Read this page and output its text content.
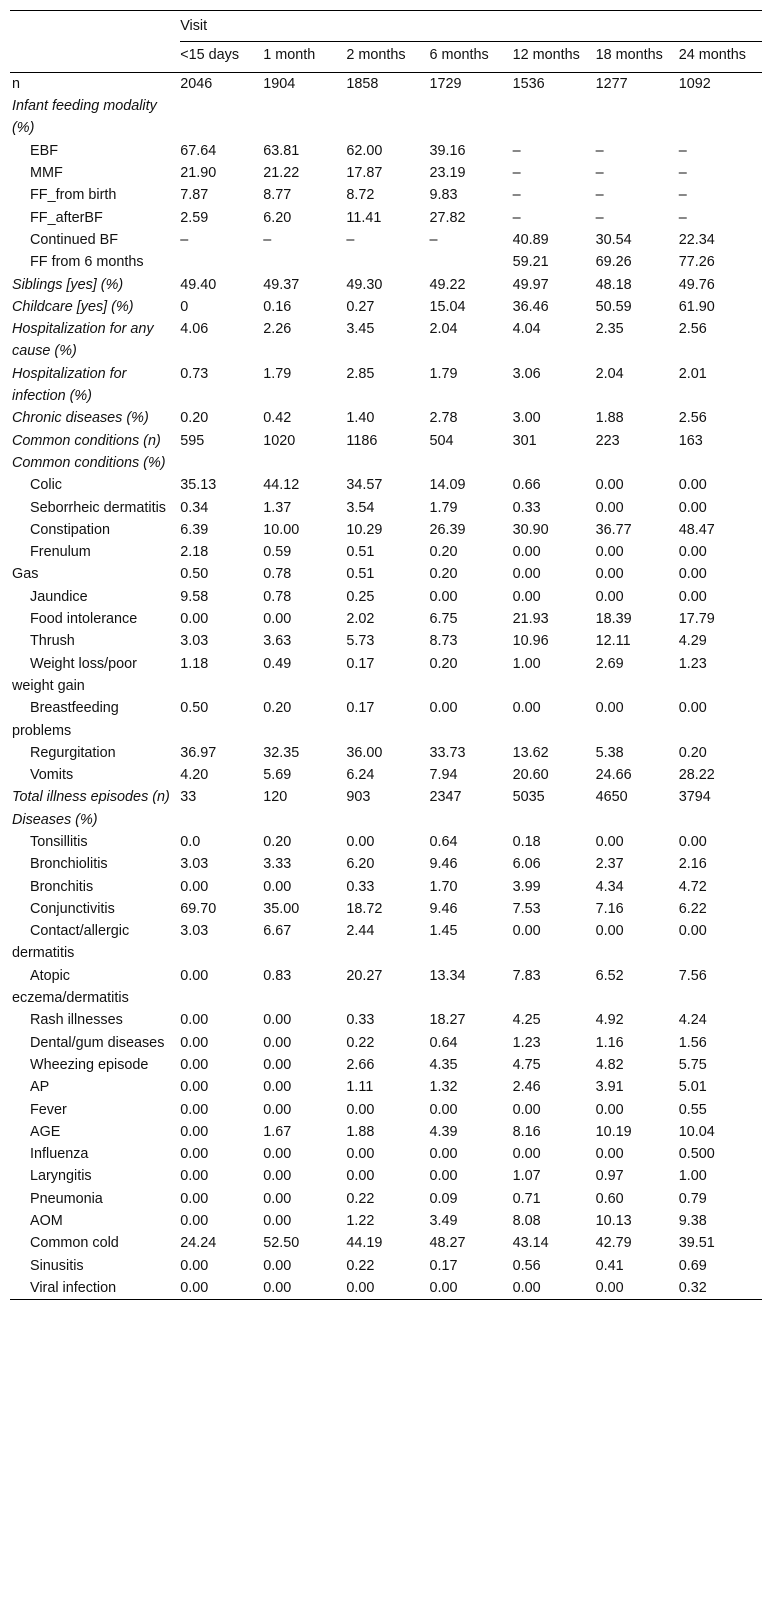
	Visit						
	<15 days	1 month	2 months	6 months	12 months	18 months	24 months
n	2046	1904	1858	1729	1536	1277	1092
Infant feeding modality (%)							
EBF	67.64	63.81	62.00	39.16	–	–	–
MMF	21.90	21.22	17.87	23.19	–	–	–
FF_from birth	7.87	8.77	8.72	9.83	–	–	–
FF_afterBF	2.59	6.20	11.41	27.82	–	–	–
Continued BF	–	–	–	–	40.89	30.54	22.34
FF from 6 months					59.21	69.26	77.26
Siblings [yes] (%)	49.40	49.37	49.30	49.22	49.97	48.18	49.76
Childcare [yes] (%)	0	0.16	0.27	15.04	36.46	50.59	61.90
Hospitalization for any cause (%)	4.06	2.26	3.45	2.04	4.04	2.35	2.56
Hospitalization for infection (%)	0.73	1.79	2.85	1.79	3.06	2.04	2.01
Chronic diseases (%)	0.20	0.42	1.40	2.78	3.00	1.88	2.56
Common conditions (n)	595	1020	1186	504	301	223	163
Common conditions (%)							
Colic	35.13	44.12	34.57	14.09	0.66	0.00	0.00
Seborrheic dermatitis	0.34	1.37	3.54	1.79	0.33	0.00	0.00
Constipation	6.39	10.00	10.29	26.39	30.90	36.77	48.47
Frenulum	2.18	0.59	0.51	0.20	0.00	0.00	0.00
Gas	0.50	0.78	0.51	0.20	0.00	0.00	0.00
Jaundice	9.58	0.78	0.25	0.00	0.00	0.00	0.00
Food intolerance	0.00	0.00	2.02	6.75	21.93	18.39	17.79
Thrush	3.03	3.63	5.73	8.73	10.96	12.11	4.29
Weight loss/poor weight gain	1.18	0.49	0.17	0.20	1.00	2.69	1.23
Breastfeeding problems	0.50	0.20	0.17	0.00	0.00	0.00	0.00
Regurgitation	36.97	32.35	36.00	33.73	13.62	5.38	0.20
Vomits	4.20	5.69	6.24	7.94	20.60	24.66	28.22
Total illness episodes (n)	33	120	903	2347	5035	4650	3794
Diseases (%)							
Tonsillitis	0.0	0.20	0.00	0.64	0.18	0.00	0.00
Bronchiolitis	3.03	3.33	6.20	9.46	6.06	2.37	2.16
Bronchitis	0.00	0.00	0.33	1.70	3.99	4.34	4.72
Conjunctivitis	69.70	35.00	18.72	9.46	7.53	7.16	6.22
Contact/allergic dermatitis	3.03	6.67	2.44	1.45	0.00	0.00	0.00
Atopic eczema/dermatitis	0.00	0.83	20.27	13.34	7.83	6.52	7.56
Rash illnesses	0.00	0.00	0.33	18.27	4.25	4.92	4.24
Dental/gum diseases	0.00	0.00	0.22	0.64	1.23	1.16	1.56
Wheezing episode	0.00	0.00	2.66	4.35	4.75	4.82	5.75
AP	0.00	0.00	1.11	1.32	2.46	3.91	5.01
Fever	0.00	0.00	0.00	0.00	0.00	0.00	0.55
AGE	0.00	1.67	1.88	4.39	8.16	10.19	10.04
Influenza	0.00	0.00	0.00	0.00	0.00	0.00	0.500
Laryngitis	0.00	0.00	0.00	0.00	1.07	0.97	1.00
Pneumonia	0.00	0.00	0.22	0.09	0.71	0.60	0.79
AOM	0.00	0.00	1.22	3.49	8.08	10.13	9.38
Common cold	24.24	52.50	44.19	48.27	43.14	42.79	39.51
Sinusitis	0.00	0.00	0.22	0.17	0.56	0.41	0.69
Viral infection	0.00	0.00	0.00	0.00	0.00	0.00	0.32
